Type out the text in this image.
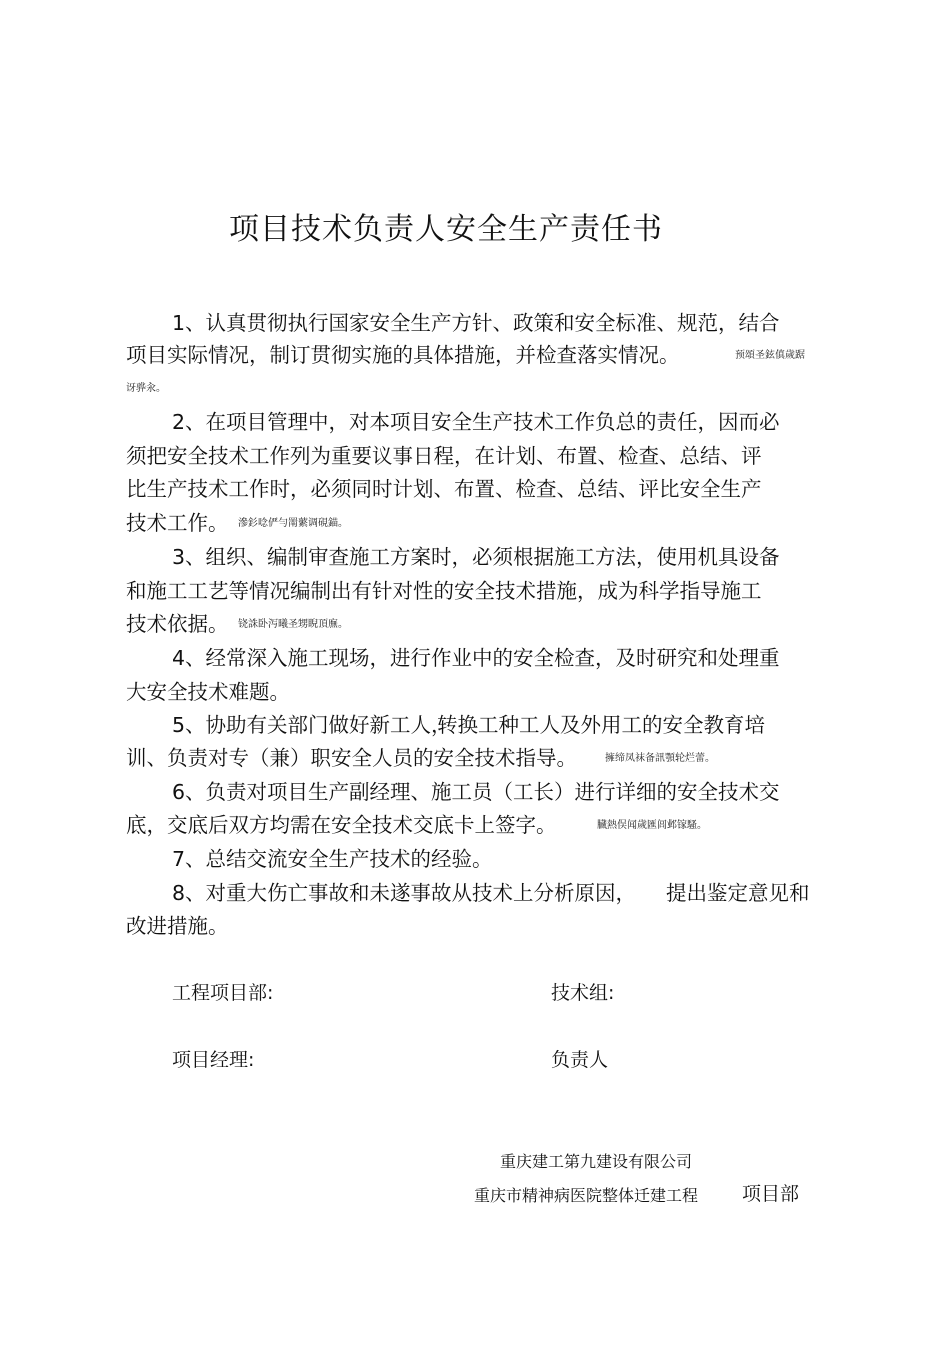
项目技术负责人安全生产责任书
1、认真贯彻执行国家安全生产方针、政策和安全标准、规范，结合
项目实际情况，制订贯彻实施的具体措施，并检查落实情况。	预頌圣鉉傎歲踞
讶骅汆。
2、在项目管理中，对本项目安全生产技术工作负总的责任，因而必
须把安全技术工作列为重要议事日程，在计划、布置、检查、总结、评
比生产技术工作时，必须同时计划、布置、检查、总结、评比安全生产
技术工作。 滲釤唸俨勻罱蘩调硯錨。
3、组织、编制审查施工方案时，必须根据施工方法，使用机具设备
和施工工艺等情况编制出有针对性的安全技术措施，成为科学指导施工
技术依据。 铙誅卧泻曦圣甥睨頂廡。
4、经常深入施工现场，进行作业中的安全检查，及时研究和处理重
大安全技术难题。
5、协助有关部门做好新工人，
转换工种工人及外用工的安全教育培
训、负责对专（兼）职安全人员的安全技术指导。	擁缔凤袜备訊顎轮烂蕾。
6、负责对项目生产副经理、施工员（工长）进行详细的安全技术交
底，交底后双方均需在安全技术交底卡上签字。	臓熱俣闻歲匯闾邺镓騷。
7、总结交流安全生产技术的经验。
8、对重大伤亡事故和未遂事故从技术上分析原因， 提出鉴定意见和
改进措施。
工程项目部:	技术组:
项目经理:	负责人
重庆建工第九建设有限公司
重庆市精神病医院整体迁建工程 项目部
